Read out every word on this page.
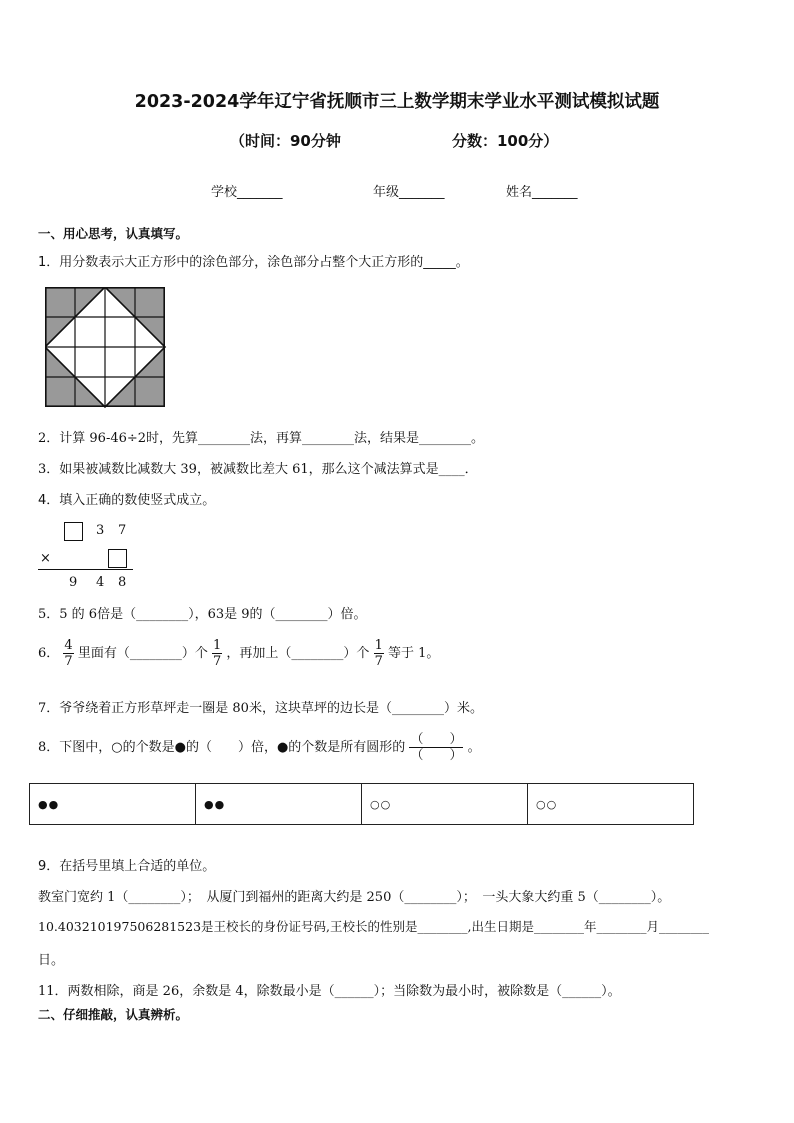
2023-2024学年辽宁省抚顺市三上数学期末学业水平测试模拟试题
（时间：90分钟	分数：100分）
学校_______	年级_______	姓名_______
一、用心思考，认真填写。
1．用分数表示大正方形中的涂色部分，涂色部分占整个大正方形的_____。
2．计算 96-46÷2时，先算________法，再算________法，结果是________。
3．如果被减数比减数大 39，被减数比差大 61，那么这个减法算式是____．
4．填入正确的数使竖式成立。
3 7
×
9 4 8
5．5 的 6倍是（________），63是 9的（________）倍。
6． $\frac{4}{7}$ 里面有（________）个 $\frac{1}{7}$ ，再加上（________）个 $\frac{1}{7}$ 等于 1。
7．爷爷绕着正方形草坪走一圈是 80米，这块草坪的边长是（________）米。
8．下图中，○的个数是●的（　　）倍，●的个数是所有圆形的 $\frac{( )}{( )}$ 。
●●	●●	○○	○○
9．在括号里填上合适的单位。
教室门宽约 1（________）；　从厦门到福州的距离大约是 250（________）；　一头大象大约重 5（________）。
10.403210197506281523是王校长的身份证号码,王校长的性别是________,出生日期是________年________月________
日。
11．两数相除，商是 26，余数是 4，除数最小是（______）；当除数为最小时，被除数是（______）。
二、仔细推敲，认真辨析。
